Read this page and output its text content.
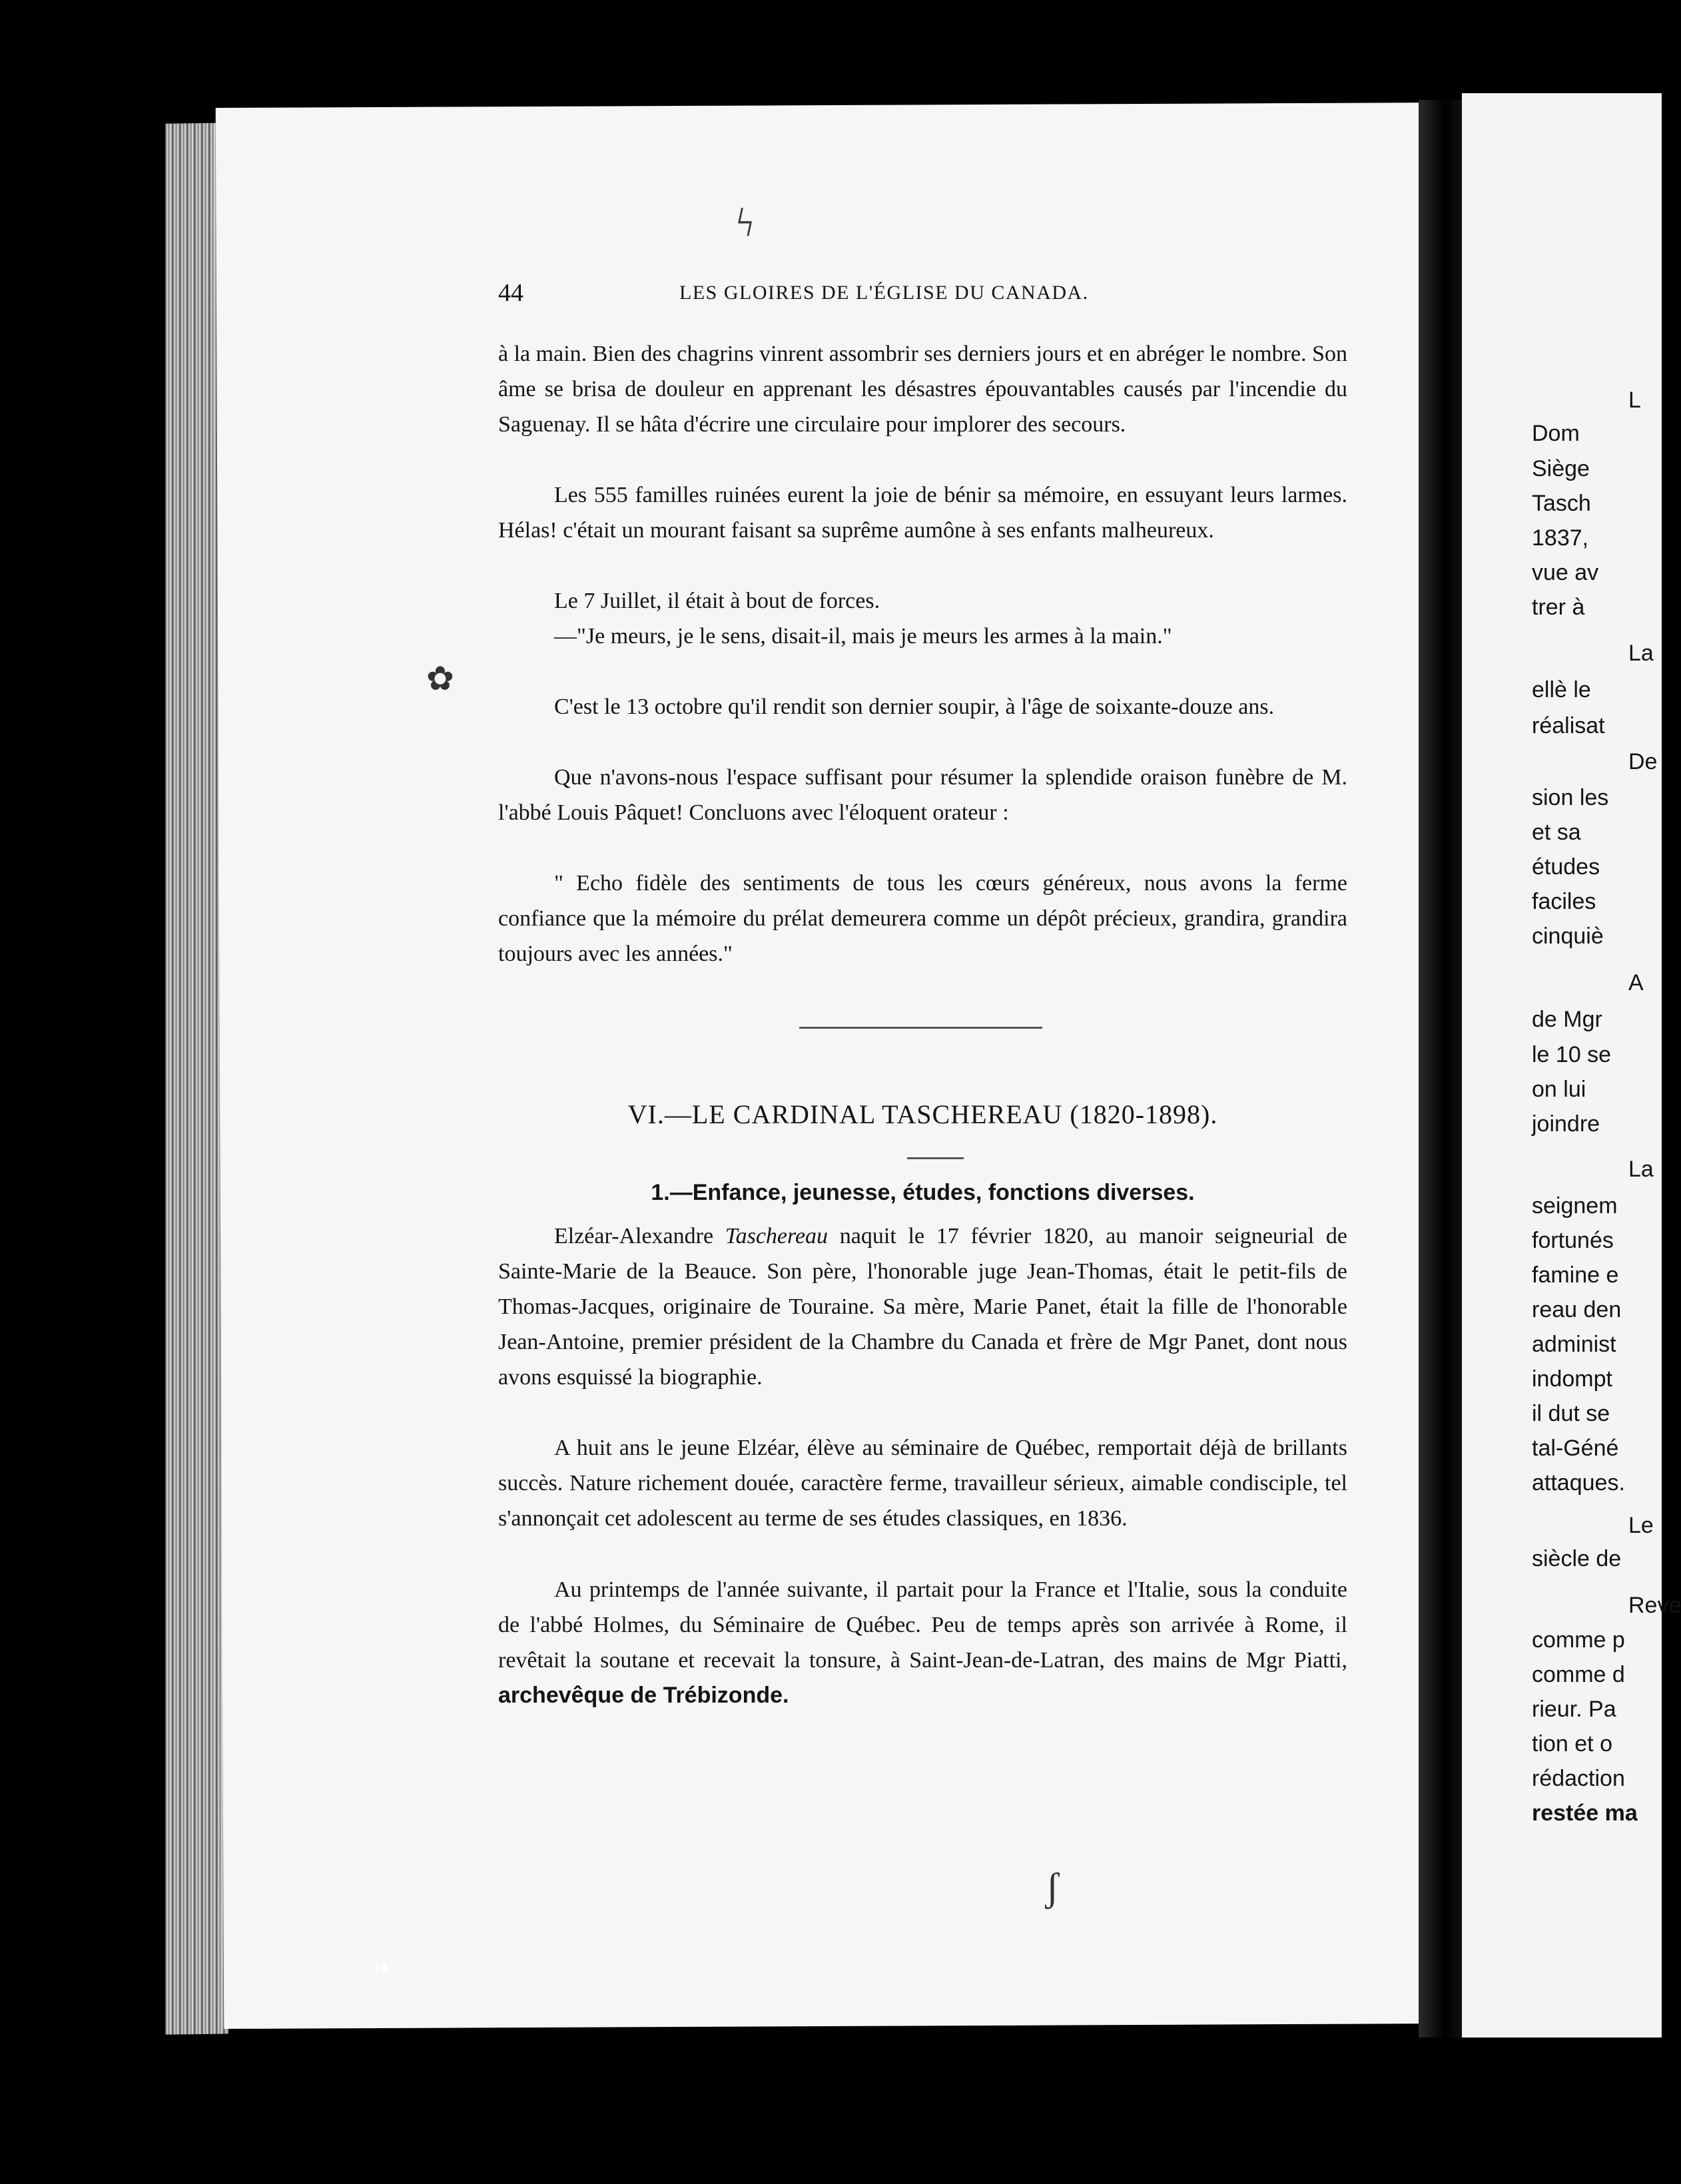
44	LES GLOIRES DE L'ÉGLISE DU CANADA.

à la main. Bien des chagrins vinrent assombrir ses derniers jours et en abréger le nombre. Son âme se brisa de douleur en apprenant les désastres épouvantables causés par l'incendie du Saguenay. Il se hâta d'écrire une circulaire pour implorer des secours.

Les 555 familles ruinées eurent la joie de bénir sa mémoire, en essuyant leurs larmes. Hélas! c'était un mourant faisant sa suprême aumône à ses enfants malheureux.

Le 7 Juillet, il était à bout de forces.

—"Je meurs, je le sens, disait-il, mais je meurs les armes à la main."

C'est le 13 octobre qu'il rendit son dernier soupir, à l'âge de soixante-douze ans.

Que n'avons-nous l'espace suffisant pour résumer la splendide oraison funèbre de M. l'abbé Louis Pâquet! Concluons avec l'éloquent orateur :

" Echo fidèle des sentiments de tous les cœurs généreux, nous avons la ferme confiance que la mémoire du prélat demeurera comme un dépôt précieux, grandira, grandira toujours avec les années."

VI.—LE CARDINAL TASCHEREAU (1820-1898).

1.—Enfance, jeunesse, études, fonctions diverses.

Elzéar-Alexandre Taschereau naquit le 17 février 1820, au manoir seigneurial de Sainte-Marie de la Beauce. Son père, l'honorable juge Jean-Thomas, était le petit-fils de Thomas-Jacques, originaire de Touraine. Sa mère, Marie Panet, était la fille de l'honorable Jean-Antoine, premier président de la Chambre du Canada et frère de Mgr Panet, dont nous avons esquissé la biographie.

A huit ans le jeune Elzéar, élève au séminaire de Québec, remportait déjà de brillants succès. Nature richement douée, caractère ferme, travailleur sérieux, aimable condisciple, tel s'annonçait cet adolescent au terme de ses études classiques, en 1836.

Au printemps de l'année suivante, il partait pour la France et l'Italie, sous la conduite de l'abbé Holmes, du Séminaire de Québec. Peu de temps après son arrivée à Rome, il revêtait la soutane et recevait la tonsure, à Saint-Jean-de-Latran, des mains de Mgr Piatti, archevêque de Trébizonde.

ϟ
✿
ʃ
❧
L
Dom
Siège
Tasch
1837,
vue av
trer à
La
ellè le
réalisat
De
sion les
et sa
études
faciles
cinquiè
A
de Mgr
le 10 se
on lui
joindre
La
seignem
fortunés
famine e
reau den
administ
indompt
il dut se
tal-Géné
attaques.
Le
siècle de
Reve
comme p
comme d
rieur. Pa
tion et o
rédaction
restée ma
